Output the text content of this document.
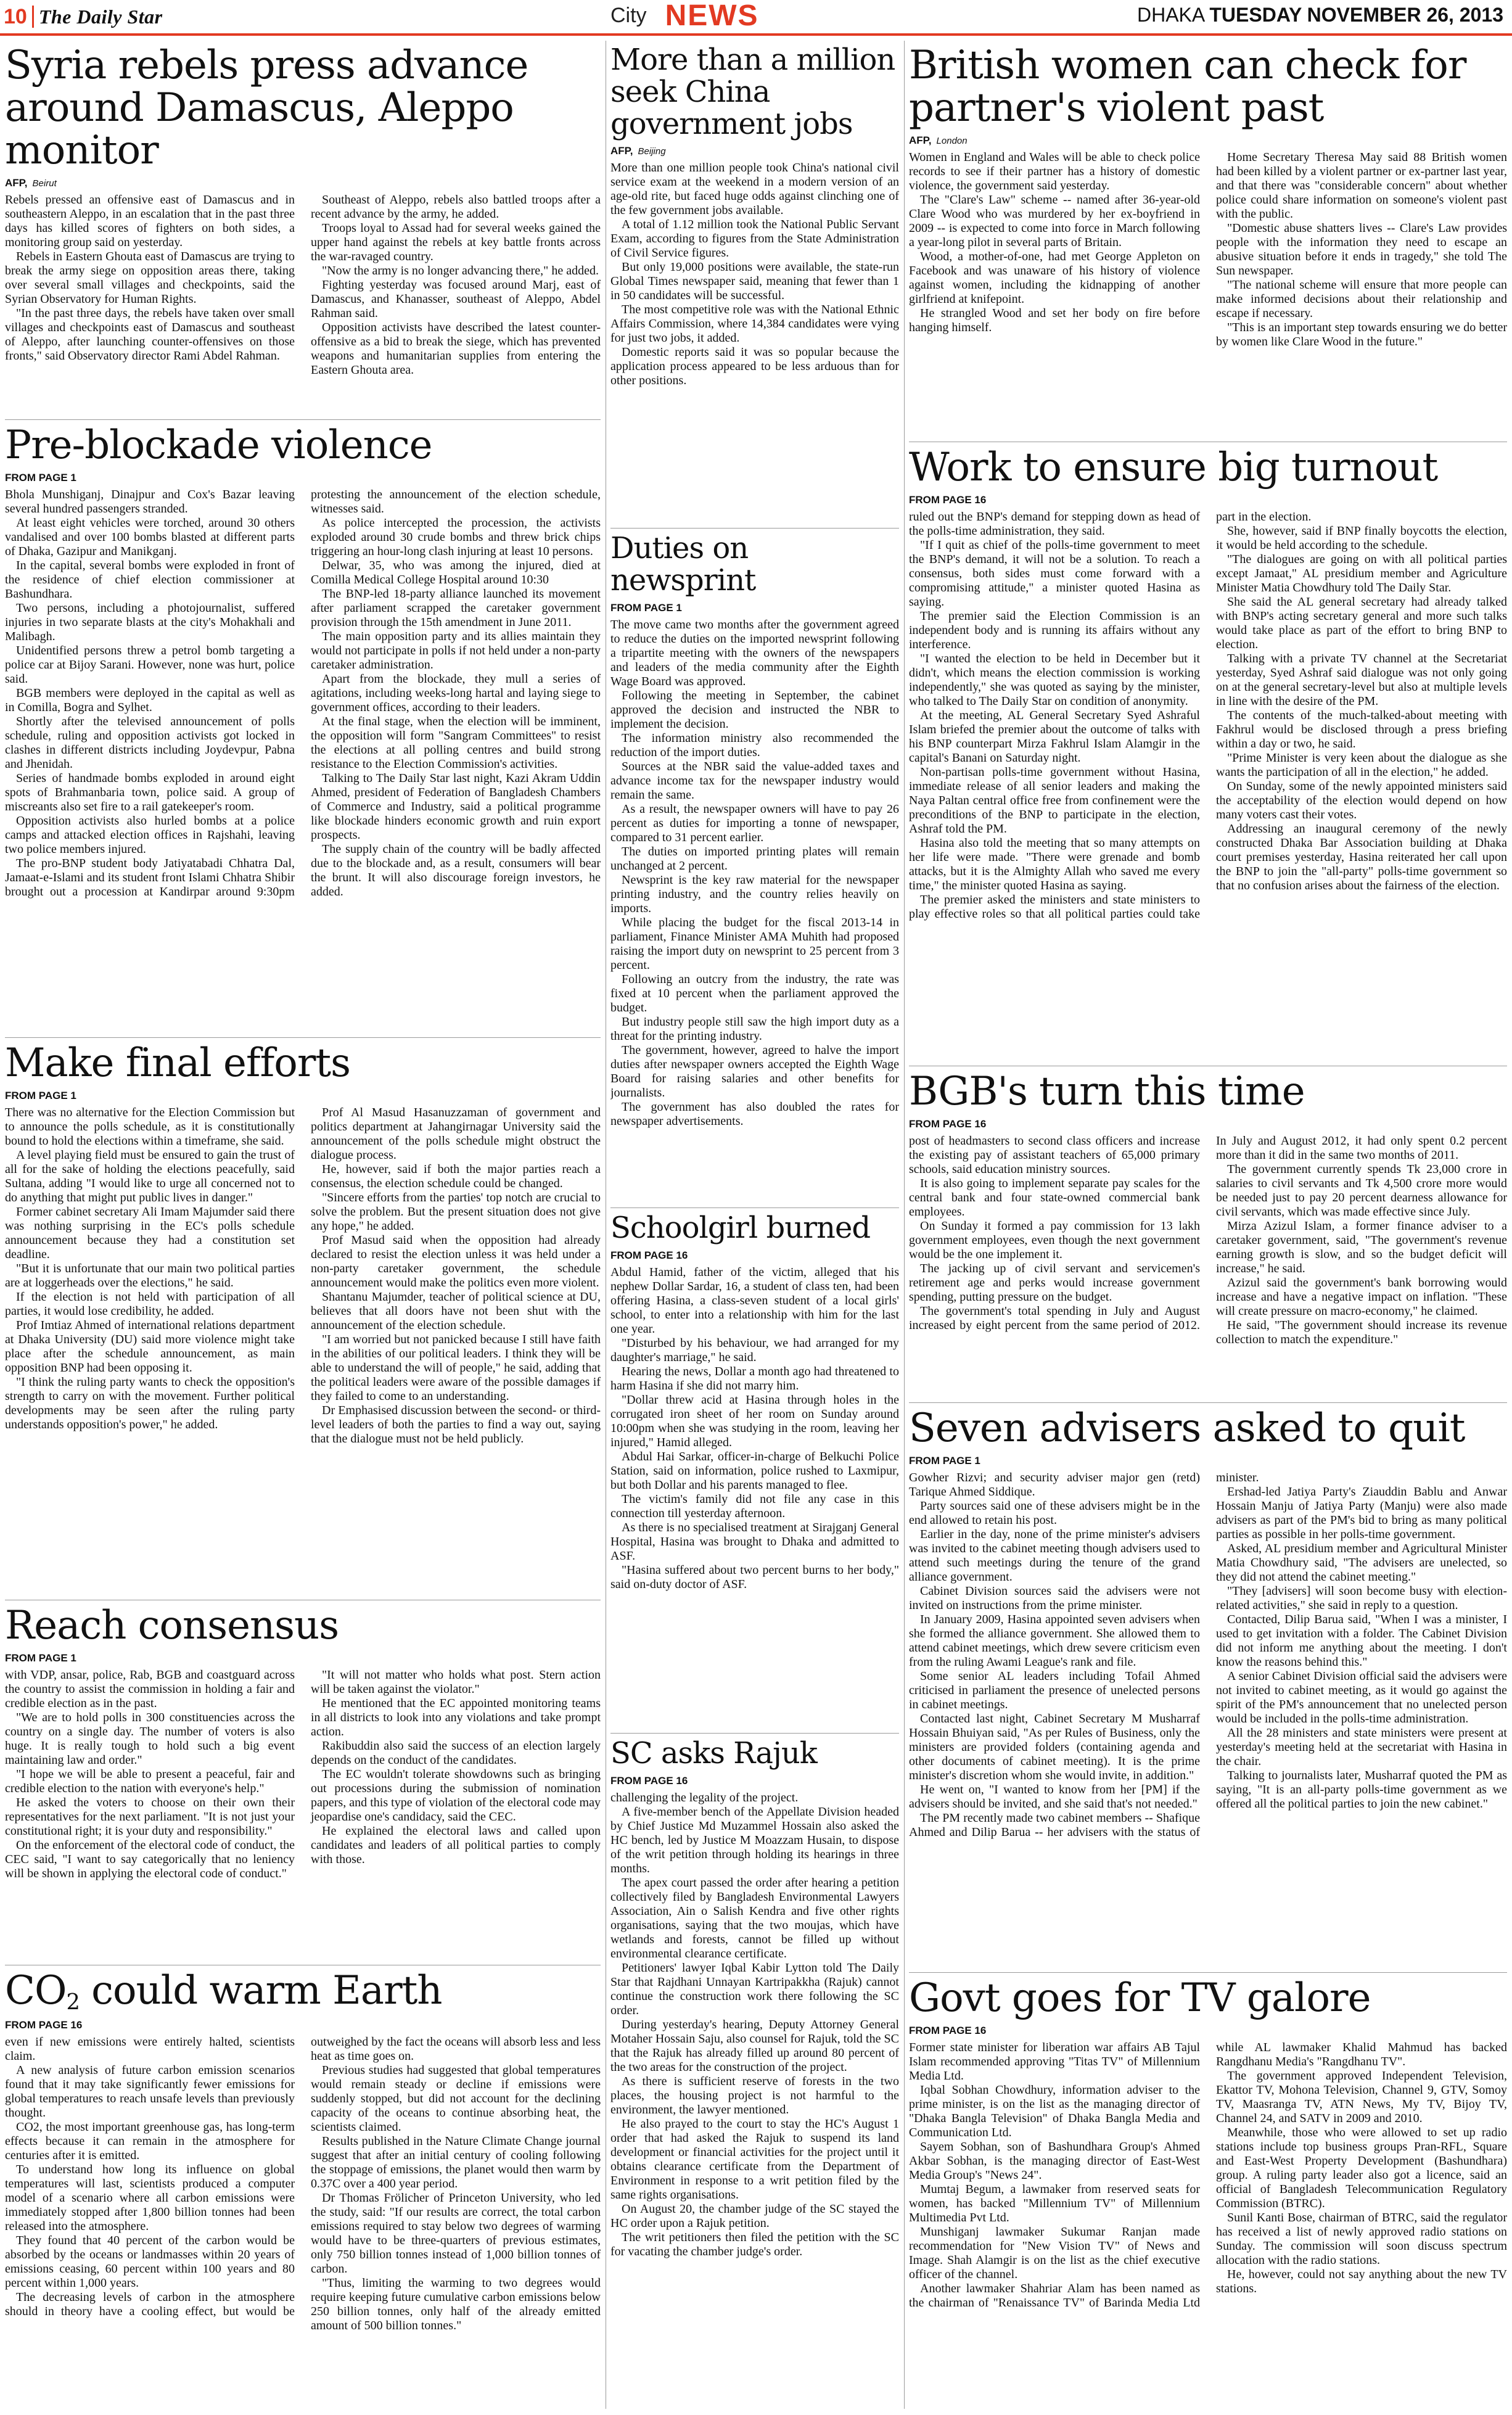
10 The Daily Star	City NEWS	DHAKA TUESDAY NOVEMBER 26, 2013
Syria rebels press advance around Damascus, Aleppo monitor
AFP, Beirut

Rebels pressed an offensive east of Damascus and in southeastern Aleppo, in an escalation that in the past three days has killed scores of fighters on both sides, a monitoring group said on yesterday.

Rebels in Eastern Ghouta east of Damascus are trying to break the army siege on opposition areas there, taking over several small villages and checkpoints, said the Syrian Observatory for Human Rights.

"In the past three days, the rebels have taken over small villages and checkpoints east of Damascus and southeast of Aleppo, after launching counter-offensives on those fronts," said Observatory director Rami Abdel Rahman.

Southeast of Aleppo, rebels also battled troops after a recent advance by the army, he added.

Troops loyal to Assad had for several weeks gained the upper hand against the rebels at key battle fronts across the war-ravaged country.

"Now the army is no longer advancing there," he added.

Fighting yesterday was focused around Marj, east of Damascus, and Khanasser, southeast of Aleppo, Abdel Rahman said.

Opposition activists have described the latest counter-offensive as a bid to break the siege, which has prevented weapons and humanitarian supplies from entering the Eastern Ghouta area.

Pre-blockade violence
FROM PAGE 1

Bhola Munshiganj, Dinajpur and Cox's Bazar leaving several hundred passengers stranded.

At least eight vehicles were torched, around 30 others vandalised and over 100 bombs blasted at different parts of Dhaka, Gazipur and Manikganj.

In the capital, several bombs were exploded in front of the residence of chief election commissioner at Bashundhara.

Two persons, including a photojournalist, suffered injuries in two separate blasts at the city's Mohakhali and Malibagh.

Unidentified persons threw a petrol bomb targeting a police car at Bijoy Sarani. However, none was hurt, police said.

BGB members were deployed in the capital as well as in Comilla, Bogra and Sylhet.

Shortly after the televised announcement of polls schedule, ruling and opposition activists got locked in clashes in different districts including Joydevpur, Pabna and Jhenidah.

Series of handmade bombs exploded in around eight spots of Brahmanbaria town, police said. A group of miscreants also set fire to a rail gatekeeper's room.

Opposition activists also hurled bombs at a police camps and attacked election offices in Rajshahi, leaving two police members injured.

The pro-BNP student body Jatiyatabadi Chhatra Dal, Jamaat-e-Islami and its student front Islami Chhatra Shibir brought out a procession at Kandirpar around 9:30pm protesting the announcement of the election schedule, witnesses said.

As police intercepted the procession, the activists exploded around 30 crude bombs and threw brick chips triggering an hour-long clash injuring at least 10 persons.

Delwar, 35, who was among the injured, died at Comilla Medical College Hospital around 10:30

The BNP-led 18-party alliance launched its movement after parliament scrapped the caretaker government provision through the 15th amendment in June 2011.

The main opposition party and its allies maintain they would not participate in polls if not held under a non-party caretaker administration.

Apart from the blockade, they mull a series of agitations, including weeks-long hartal and laying siege to government offices, according to their leaders.

At the final stage, when the election will be imminent, the opposition will form "Sangram Committees" to resist the elections at all polling centres and build strong resistance to the Election Commission's activities.

Talking to The Daily Star last night, Kazi Akram Uddin Ahmed, president of Federation of Bangladesh Chambers of Commerce and Industry, said a political programme like blockade hinders economic growth and ruin export prospects.

The supply chain of the country will be badly affected due to the blockade and, as a result, consumers will bear the brunt. It will also discourage foreign investors, he added.

Make final efforts
FROM PAGE 1

There was no alternative for the Election Commission but to announce the polls schedule, as it is constitutionally bound to hold the elections within a timeframe, she said.

A level playing field must be ensured to gain the trust of all for the sake of holding the elections peacefully, said Sultana, adding "I would like to urge all concerned not to do anything that might put public lives in danger."

Former cabinet secretary Ali Imam Majumder said there was nothing surprising in the EC's polls schedule announcement because they had a constitution set deadline.

"But it is unfortunate that our main two political parties are at loggerheads over the elections," he said.

If the election is not held with participation of all parties, it would lose credibility, he added.

Prof Imtiaz Ahmed of international relations department at Dhaka University (DU) said more violence might take place after the schedule announcement, as main opposition BNP had been opposing it.

"I think the ruling party wants to check the opposition's strength to carry on with the movement. Further political developments may be seen after the ruling party understands opposition's power," he added.

Prof Al Masud Hasanuzzaman of government and politics department at Jahangirnagar University said the announcement of the polls schedule might obstruct the dialogue process.

He, however, said if both the major parties reach a consensus, the election schedule could be changed.

"Sincere efforts from the parties' top notch are crucial to solve the problem. But the present situation does not give any hope," he added.

Prof Masud said when the opposition had already declared to resist the election unless it was held under a non-party caretaker government, the schedule announcement would make the politics even more violent.

Shantanu Majumder, teacher of political science at DU, believes that all doors have not been shut with the announcement of the election schedule.

"I am worried but not panicked because I still have faith in the abilities of our political leaders. I think they will be able to understand the will of people," he said, adding that the political leaders were aware of the possible damages if they failed to come to an understanding.

Dr Emphasised discussion between the second- or third-level leaders of both the parties to find a way out, saying that the dialogue must not be held publicly.

Reach consensus
FROM PAGE 1

with VDP, ansar, police, Rab, BGB and coastguard across the country to assist the commission in holding a fair and credible election as in the past.

"We are to hold polls in 300 constituencies across the country on a single day. The number of voters is also huge. It is really tough to hold such a big event maintaining law and order."

"I hope we will be able to present a peaceful, fair and credible election to the nation with everyone's help."

He asked the voters to choose on their own their representatives for the next parliament. "It is not just your constitutional right; it is your duty and responsibility."

On the enforcement of the electoral code of conduct, the CEC said, "I want to say categorically that no leniency will be shown in applying the electoral code of conduct."

"It will not matter who holds what post. Stern action will be taken against the violator."

He mentioned that the EC appointed monitoring teams in all districts to look into any violations and take prompt action.

Rakibuddin also said the success of an election largely depends on the conduct of the candidates.

The EC wouldn't tolerate showdowns such as bringing out processions during the submission of nomination papers, and this type of violation of the electoral code may jeopardise one's candidacy, said the CEC.

He explained the electoral laws and called upon candidates and leaders of all political parties to comply with those.

$CO_2$ could warm Earth
FROM PAGE 16

even if new emissions were entirely halted, scientists claim.

A new analysis of future carbon emission scenarios found that it may take significantly fewer emissions for global temperatures to reach unsafe levels than previously thought.

CO2, the most important greenhouse gas, has long-term effects because it can remain in the atmosphere for centuries after it is emitted.

To understand how long its influence on global temperatures will last, scientists produced a computer model of a scenario where all carbon emissions were immediately stopped after 1,800 billion tonnes had been released into the atmosphere.

They found that 40 percent of the carbon would be absorbed by the oceans or landmasses within 20 years of emissions ceasing, 60 percent within 100 years and 80 percent within 1,000 years.

The decreasing levels of carbon in the atmosphere should in theory have a cooling effect, but would be outweighed by the fact the oceans will absorb less and less heat as time goes on.

Previous studies had suggested that global temperatures would remain steady or decline if emissions were suddenly stopped, but did not account for the declining capacity of the oceans to continue absorbing heat, the scientists claimed.

Results published in the Nature Climate Change journal suggest that after an initial century of cooling following the stoppage of emissions, the planet would then warm by 0.37C over a 400 year period.

Dr Thomas Frölicher of Princeton University, who led the study, said: "If our results are correct, the total carbon emissions required to stay below two degrees of warming would have to be three-quarters of previous estimates, only 750 billion tonnes instead of 1,000 billion tonnes of carbon.

"Thus, limiting the warming to two degrees would require keeping future cumulative carbon emissions below 250 billion tonnes, only half of the already emitted amount of 500 billion tonnes."

More than a million seek China government jobs
AFP, Beijing

More than one million people took China's national civil service exam at the weekend in a modern version of an age-old rite, but faced huge odds against clinching one of the few government jobs available.

A total of 1.12 million took the National Public Servant Exam, according to figures from the State Administration of Civil Service figures.

But only 19,000 positions were available, the state-run Global Times newspaper said, meaning that fewer than 1 in 50 candidates will be successful.

The most competitive role was with the National Ethnic Affairs Commission, where 14,384 candidates were vying for just two jobs, it added.

Domestic reports said it was so popular because the application process appeared to be less arduous than for other positions.

Duties on newsprint
FROM PAGE 1

The move came two months after the government agreed to reduce the duties on the imported newsprint following a tripartite meeting with the owners of the newspapers and leaders of the media community after the Eighth Wage Board was approved.

Following the meeting in September, the cabinet approved the decision and instructed the NBR to implement the decision.

The information ministry also recommended the reduction of the import duties.

Sources at the NBR said the value-added taxes and advance income tax for the newspaper industry would remain the same.

As a result, the newspaper owners will have to pay 26 percent as duties for importing a tonne of newspaper, compared to 31 percent earlier.

The duties on imported printing plates will remain unchanged at 2 percent.

Newsprint is the key raw material for the newspaper printing industry, and the country relies heavily on imports.

While placing the budget for the fiscal 2013-14 in parliament, Finance Minister AMA Muhith had proposed raising the import duty on newsprint to 25 percent from 3 percent.

Following an outcry from the industry, the rate was fixed at 10 percent when the parliament approved the budget.

But industry people still saw the high import duty as a threat for the printing industry.

The government, however, agreed to halve the import duties after newspaper owners accepted the Eighth Wage Board for raising salaries and other benefits for journalists.

The government has also doubled the rates for newspaper advertisements.

Schoolgirl burned
FROM PAGE 16

Abdul Hamid, father of the victim, alleged that his nephew Dollar Sardar, 16, a student of class ten, had been offering Hasina, a class-seven student of a local girls' school, to enter into a relationship with him for the last one year.

"Disturbed by his behaviour, we had arranged for my daughter's marriage," he said.

Hearing the news, Dollar a month ago had threatened to harm Hasina if she did not marry him.

"Dollar threw acid at Hasina through holes in the corrugated iron sheet of her room on Sunday around 10:00pm when she was studying in the room, leaving her injured," Hamid alleged.

Abdul Hai Sarkar, officer-in-charge of Belkuchi Police Station, said on information, police rushed to Laxmipur, but both Dollar and his parents managed to flee.

The victim's family did not file any case in this connection till yesterday afternoon.

As there is no specialised treatment at Sirajganj General Hospital, Hasina was brought to Dhaka and admitted to ASF.

"Hasina suffered about two percent burns to her body," said on-duty doctor of ASF.

SC asks Rajuk
FROM PAGE 16

challenging the legality of the project.

A five-member bench of the Appellate Division headed by Chief Justice Md Muzammel Hossain also asked the HC bench, led by Justice M Moazzam Husain, to dispose of the writ petition through holding its hearings in three months.

The apex court passed the order after hearing a petition collectively filed by Bangladesh Environmental Lawyers Association, Ain o Salish Kendra and five other rights organisations, saying that the two moujas, which have wetlands and forests, cannot be filled up without environmental clearance certificate.

Petitioners' lawyer Iqbal Kabir Lytton told The Daily Star that Rajdhani Unnayan Kartripakkha (Rajuk) cannot continue the construction work there following the SC order.

During yesterday's hearing, Deputy Attorney General Motaher Hossain Saju, also counsel for Rajuk, told the SC that the Rajuk has already filled up around 80 percent of the two areas for the construction of the project.

As there is sufficient reserve of forests in the two places, the housing project is not harmful to the environment, the lawyer mentioned.

He also prayed to the court to stay the HC's August 1 order that had asked the Rajuk to suspend its land development or financial activities for the project until it obtains clearance certificate from the Department of Environment in response to a writ petition filed by the same rights organisations.

On August 20, the chamber judge of the SC stayed the HC order upon a Rajuk petition.

The writ petitioners then filed the petition with the SC for vacating the chamber judge's order.

British women can check for partner's violent past
AFP, London

Women in England and Wales will be able to check police records to see if their partner has a history of domestic violence, the government said yesterday.

The "Clare's Law" scheme -- named after 36-year-old Clare Wood who was murdered by her ex-boyfriend in 2009 -- is expected to come into force in March following a year-long pilot in several parts of Britain.

Wood, a mother-of-one, had met George Appleton on Facebook and was unaware of his history of violence against women, including the kidnapping of another girlfriend at knifepoint.

He strangled Wood and set her body on fire before hanging himself.

Home Secretary Theresa May said 88 British women had been killed by a violent partner or ex-partner last year, and that there was "considerable concern" about whether police could share information on someone's violent past with the public.

"Domestic abuse shatters lives -- Clare's Law provides people with the information they need to escape an abusive situation before it ends in tragedy," she told The Sun newspaper.

"The national scheme will ensure that more people can make informed decisions about their relationship and escape if necessary.

"This is an important step towards ensuring we do better by women like Clare Wood in the future."

Work to ensure big turnout
FROM PAGE 16

ruled out the BNP's demand for stepping down as head of the polls-time administration, they said.

"If I quit as chief of the polls-time government to meet the BNP's demand, it will not be a solution. To reach a consensus, both sides must come forward with a compromising attitude," a minister quoted Hasina as saying.

The premier said the Election Commission is an independent body and is running its affairs without any interference.

"I wanted the election to be held in December but it didn't, which means the election commission is working independently," she was quoted as saying by the minister, who talked to The Daily Star on condition of anonymity.

At the meeting, AL General Secretary Syed Ashraful Islam briefed the premier about the outcome of talks with his BNP counterpart Mirza Fakhrul Islam Alamgir in the capital's Banani on Saturday night.

Non-partisan polls-time government without Hasina, immediate release of all senior leaders and making the Naya Paltan central office free from confinement were the preconditions of the BNP to participate in the election, Ashraf told the PM.

Hasina also told the meeting that so many attempts on her life were made. "There were grenade and bomb attacks, but it is the Almighty Allah who saved me every time," the minister quoted Hasina as saying.

The premier asked the ministers and state ministers to play effective roles so that all political parties could take part in the election.

She, however, said if BNP finally boycotts the election, it would be held according to the schedule.

"The dialogues are going on with all political parties except Jamaat," AL presidium member and Agriculture Minister Matia Chowdhury told The Daily Star.

She said the AL general secretary had already talked with BNP's acting secretary general and more such talks would take place as part of the effort to bring BNP to election.

Talking with a private TV channel at the Secretariat yesterday, Syed Ashraf said dialogue was not only going on at the general secretary-level but also at multiple levels in line with the desire of the PM.

The contents of the much-talked-about meeting with Fakhrul would be disclosed through a press briefing within a day or two, he said.

"Prime Minister is very keen about the dialogue as she wants the participation of all in the election," he added.

On Sunday, some of the newly appointed ministers said the acceptability of the election would depend on how many voters cast their votes.

Addressing an inaugural ceremony of the newly constructed Dhaka Bar Association building at Dhaka court premises yesterday, Hasina reiterated her call upon the BNP to join the "all-party" polls-time government so that no confusion arises about the fairness of the election.

BGB's turn this time
FROM PAGE 16

post of headmasters to second class officers and increase the existing pay of assistant teachers of 65,000 primary schools, said education ministry sources.

It is also going to implement separate pay scales for the central bank and four state-owned commercial bank employees.

On Sunday it formed a pay commission for 13 lakh government employees, even though the next government would be the one implement it.

The jacking up of civil servant and servicemen's retirement age and perks would increase government spending, putting pressure on the budget.

The government's total spending in July and August increased by eight percent from the same period of 2012. In July and August 2012, it had only spent 0.2 percent more than it did in the same two months of 2011.

The government currently spends Tk 23,000 crore in salaries to civil servants and Tk 4,500 crore more would be needed just to pay 20 percent dearness allowance for civil servants, which was made effective since July.

Mirza Azizul Islam, a former finance adviser to a caretaker government, said, "The government's revenue earning growth is slow, and so the budget deficit will increase," he said.

Azizul said the government's bank borrowing would increase and have a negative impact on inflation. "These will create pressure on macro-economy," he claimed.

He said, "The government should increase its revenue collection to match the expenditure."

Seven advisers asked to quit
FROM PAGE 1

Gowher Rizvi; and security adviser major gen (retd) Tarique Ahmed Siddique.

Party sources said one of these advisers might be in the end allowed to retain his post.

Earlier in the day, none of the prime minister's advisers was invited to the cabinet meeting though advisers used to attend such meetings during the tenure of the grand alliance government.

Cabinet Division sources said the advisers were not invited on instructions from the prime minister.

In January 2009, Hasina appointed seven advisers when she formed the alliance government. She allowed them to attend cabinet meetings, which drew severe criticism even from the ruling Awami League's rank and file.

Some senior AL leaders including Tofail Ahmed criticised in parliament the presence of unelected persons in cabinet meetings.

Contacted last night, Cabinet Secretary M Musharraf Hossain Bhuiyan said, "As per Rules of Business, only the ministers are provided folders (containing agenda and other documents of cabinet meeting). It is the prime minister's discretion whom she would invite, in addition."

He went on, "I wanted to know from her [PM] if the advisers should be invited, and she said that's not needed."

The PM recently made two cabinet members -- Shafique Ahmed and Dilip Barua -- her advisers with the status of minister.

Ershad-led Jatiya Party's Ziauddin Bablu and Anwar Hossain Manju of Jatiya Party (Manju) were also made advisers as part of the PM's bid to bring as many political parties as possible in her polls-time government.

Asked, AL presidium member and Agricultural Minister Matia Chowdhury said, "The advisers are unelected, so they did not attend the cabinet meeting."

"They [advisers] will soon become busy with election-related activities," she said in reply to a question.

Contacted, Dilip Barua said, "When I was a minister, I used to get invitation with a folder. The Cabinet Division did not inform me anything about the meeting. I don't know the reasons behind this."

A senior Cabinet Division official said the advisers were not invited to cabinet meeting, as it would go against the spirit of the PM's announcement that no unelected person would be included in the polls-time administration.

All the 28 ministers and state ministers were present at yesterday's meeting held at the secretariat with Hasina in the chair.

Talking to journalists later, Musharraf quoted the PM as saying, "It is an all-party polls-time government as we offered all the political parties to join the new cabinet."

Govt goes for TV galore
FROM PAGE 16

Former state minister for liberation war affairs AB Tajul Islam recommended approving "Titas TV" of Millennium Media Ltd.

Iqbal Sobhan Chowdhury, information adviser to the prime minister, is on the list as the managing director of "Dhaka Bangla Television" of Dhaka Bangla Media and Communication Ltd.

Sayem Sobhan, son of Bashundhara Group's Ahmed Akbar Sobhan, is the managing director of East-West Media Group's "News 24".

Mumtaj Begum, a lawmaker from reserved seats for women, has backed "Millennium TV" of Millennium Multimedia Pvt Ltd.

Munshiganj lawmaker Sukumar Ranjan made recommendation for "New Vision TV" of News and Image. Shah Alamgir is on the list as the chief executive officer of the channel.

Another lawmaker Shahriar Alam has been named as the chairman of "Renaissance TV" of Barinda Media Ltd while AL lawmaker Khalid Mahmud has backed Rangdhanu Media's "Rangdhanu TV".

The government approved Independent Television, Ekattor TV, Mohona Television, Channel 9, GTV, Somoy TV, Maasranga TV, ATN News, My TV, Bijoy TV, Channel 24, and SATV in 2009 and 2010.

Meanwhile, those who were allowed to set up radio stations include top business groups Pran-RFL, Square and East-West Property Development (Bashundhara) group. A ruling party leader also got a licence, said an official of Bangladesh Telecommunication Regulatory Commission (BTRC).

Sunil Kanti Bose, chairman of BTRC, said the regulator has received a list of newly approved radio stations on Sunday. The commission will soon discuss spectrum allocation with the radio stations.

He, however, could not say anything about the new TV stations.
